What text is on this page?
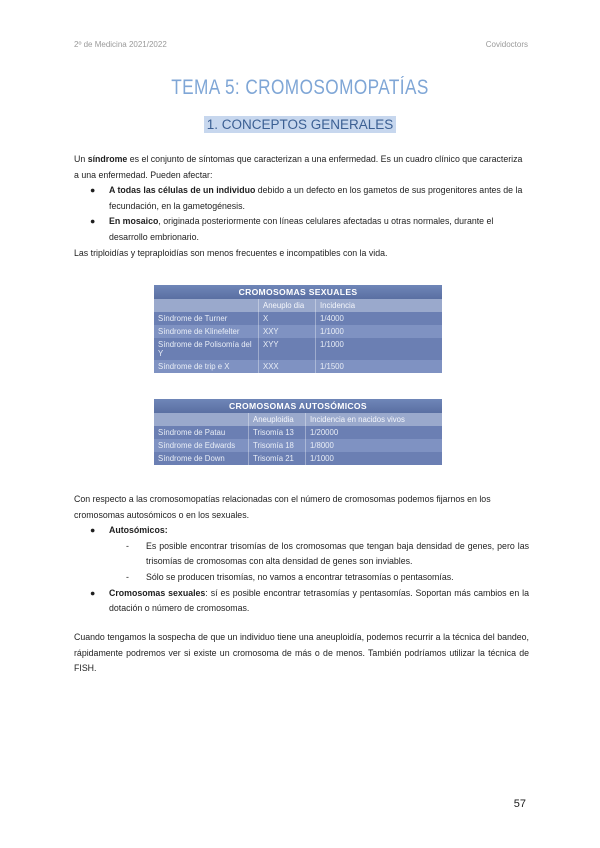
2º de Medicina 2021/2022	Covidoctors
TEMA 5: CROMOSOMOPATÍAS
1. CONCEPTOS GENERALES
Un síndrome es el conjunto de síntomas que caracterizan a una enfermedad. Es un cuadro clínico que caracteriza a una enfermedad. Pueden afectar:
● A todas las células de un individuo debido a un defecto en los gametos de sus progenitores antes de la fecundación, en la gametogénesis.
● En mosaico, originada posteriormente con líneas celulares afectadas u otras normales, durante el desarrollo embrionario.
Las triploidías y tepraploidías son menos frecuentes e incompatibles con la vida.
CROMOSOMAS SEXUALES		
	Aneuplo dia	Incidencia
Síndrome de Turner	X	1/4000
Síndrome de Klinefelter	XXY	1/1000
Síndrome de Polisomía del Y	XYY	1/1000
Síndrome de trip e X	XXX	1/1500
CROMOSOMAS AUTOSÓMICOS		
	Aneuploidia	Incidencia en nacidos vivos
Síndrome de Patau	Trisomía 13	1/20000
Síndrome de Edwards	Trisomía 18	1/8000
Síndrome de Down	Trisomía 21	1/1000
Con respecto a las cromosomopatías relacionadas con el número de cromosomas podemos fijarnos en los cromosomas autosómicos o en los sexuales.
● Autosómicos:
- Es posible encontrar trisomías de los cromosomas que tengan baja densidad de genes, pero las trisomías de cromosomas con alta densidad de genes son inviables.
- Sólo se producen trisomías, no vamos a encontrar tetrasomías o pentasomías.
● Cromosomas sexuales: sí es posible encontrar tetrasomías y pentasomías. Soportan más cambios en la dotación o número de cromosomas.
Cuando tengamos la sospecha de que un individuo tiene una aneuploidía, podemos recurrir a la técnica del bandeo, rápidamente podremos ver si existe un cromosoma de más o de menos. También podríamos utilizar la técnica de FISH.
57
